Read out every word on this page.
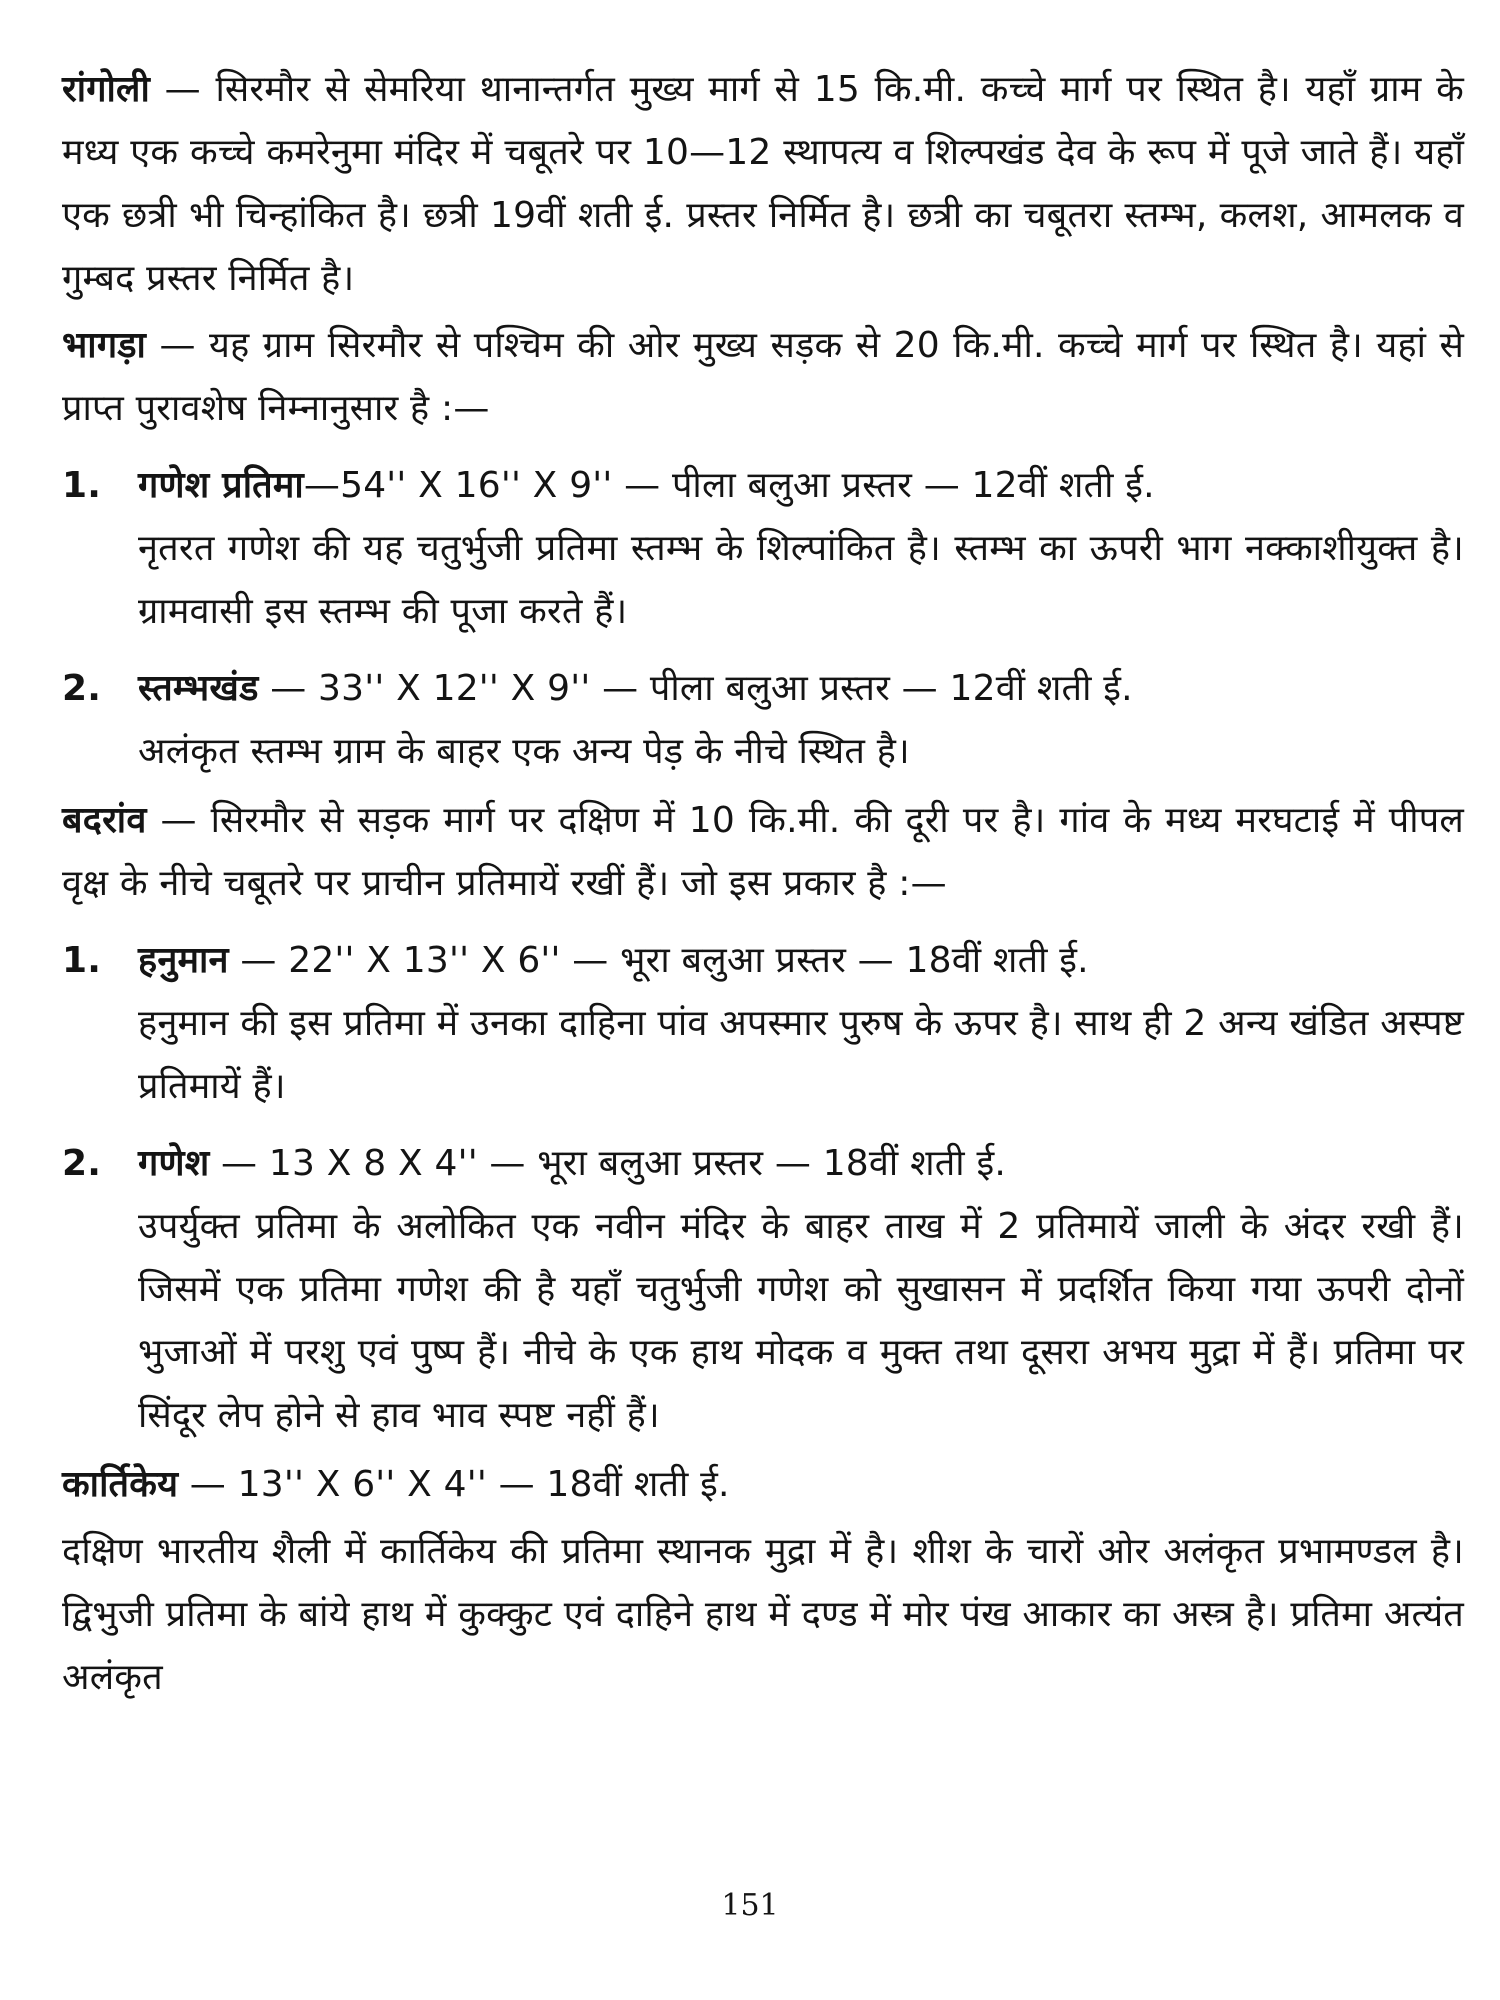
रांगोली — सिरमौर से सेमरिया थानान्तर्गत मुख्य मार्ग से 15 कि.मी. कच्चे मार्ग पर स्थित है। यहाँ ग्राम के मध्य एक कच्चे कमरेनुमा मंदिर में चबूतरे पर 10—12 स्थापत्य व शिल्पखंड देव के रूप में पूजे जाते हैं। यहाँ एक छत्री भी चिन्हांकित है। छत्री 19वीं शती ई. प्रस्तर निर्मित है। छत्री का चबूतरा स्तम्भ, कलश, आमलक व गुम्बद प्रस्तर निर्मित है।

भागड़ा — यह ग्राम सिरमौर से पश्चिम की ओर मुख्य सड़क से 20 कि.मी. कच्चे मार्ग पर स्थित है। यहां से प्राप्त पुरावशेष निम्नानुसार है :—

1. गणेश प्रतिमा—54'' X 16'' X 9'' — पीला बलुआ प्रस्तर — 12वीं शती ई.
नृतरत गणेश की यह चतुर्भुजी प्रतिमा स्तम्भ के शिल्पांकित है। स्तम्भ का ऊपरी भाग नक्काशीयुक्त है। ग्रामवासी इस स्तम्भ की पूजा करते हैं।
2. स्तम्भखंड — 33'' X 12'' X 9'' — पीला बलुआ प्रस्तर — 12वीं शती ई.
अलंकृत स्तम्भ ग्राम के बाहर एक अन्य पेड़ के नीचे स्थित है।

बदरांव — सिरमौर से सड़क मार्ग पर दक्षिण में 10 कि.मी. की दूरी पर है। गांव के मध्य मरघटाई में पीपल वृक्ष के नीचे चबूतरे पर प्राचीन प्रतिमायें रखीं हैं। जो इस प्रकार है :—

1. हनुमान — 22'' X 13'' X 6'' — भूरा बलुआ प्रस्तर — 18वीं शती ई.
हनुमान की इस प्रतिमा में उनका दाहिना पांव अपस्मार पुरुष के ऊपर है। साथ ही 2 अन्य खंडित अस्पष्ट प्रतिमायें हैं।
2. गणेश — 13 X 8 X 4'' — भूरा बलुआ प्रस्तर — 18वीं शती ई.
उपर्युक्त प्रतिमा के अलोकित एक नवीन मंदिर के बाहर ताख में 2 प्रतिमायें जाली के अंदर रखी हैं। जिसमें एक प्रतिमा गणेश की है यहाँ चतुर्भुजी गणेश को सुखासन में प्रदर्शित किया गया ऊपरी दोनों भुजाओं में परशु एवं पुष्प हैं। नीचे के एक हाथ मोदक व मुक्त तथा दूसरा अभय मुद्रा में हैं। प्रतिमा पर सिंदूर लेप होने से हाव भाव स्पष्ट नहीं हैं।

कार्तिकेय — 13'' X 6'' X 4'' — 18वीं शती ई.

दक्षिण भारतीय शैली में कार्तिकेय की प्रतिमा स्थानक मुद्रा में है। शीश के चारों ओर अलंकृत प्रभामण्डल है। द्विभुजी प्रतिमा के बांये हाथ में कुक्कुट एवं दाहिने हाथ में दण्ड में मोर पंख आकार का अस्त्र है। प्रतिमा अत्यंत अलंकृत

151
